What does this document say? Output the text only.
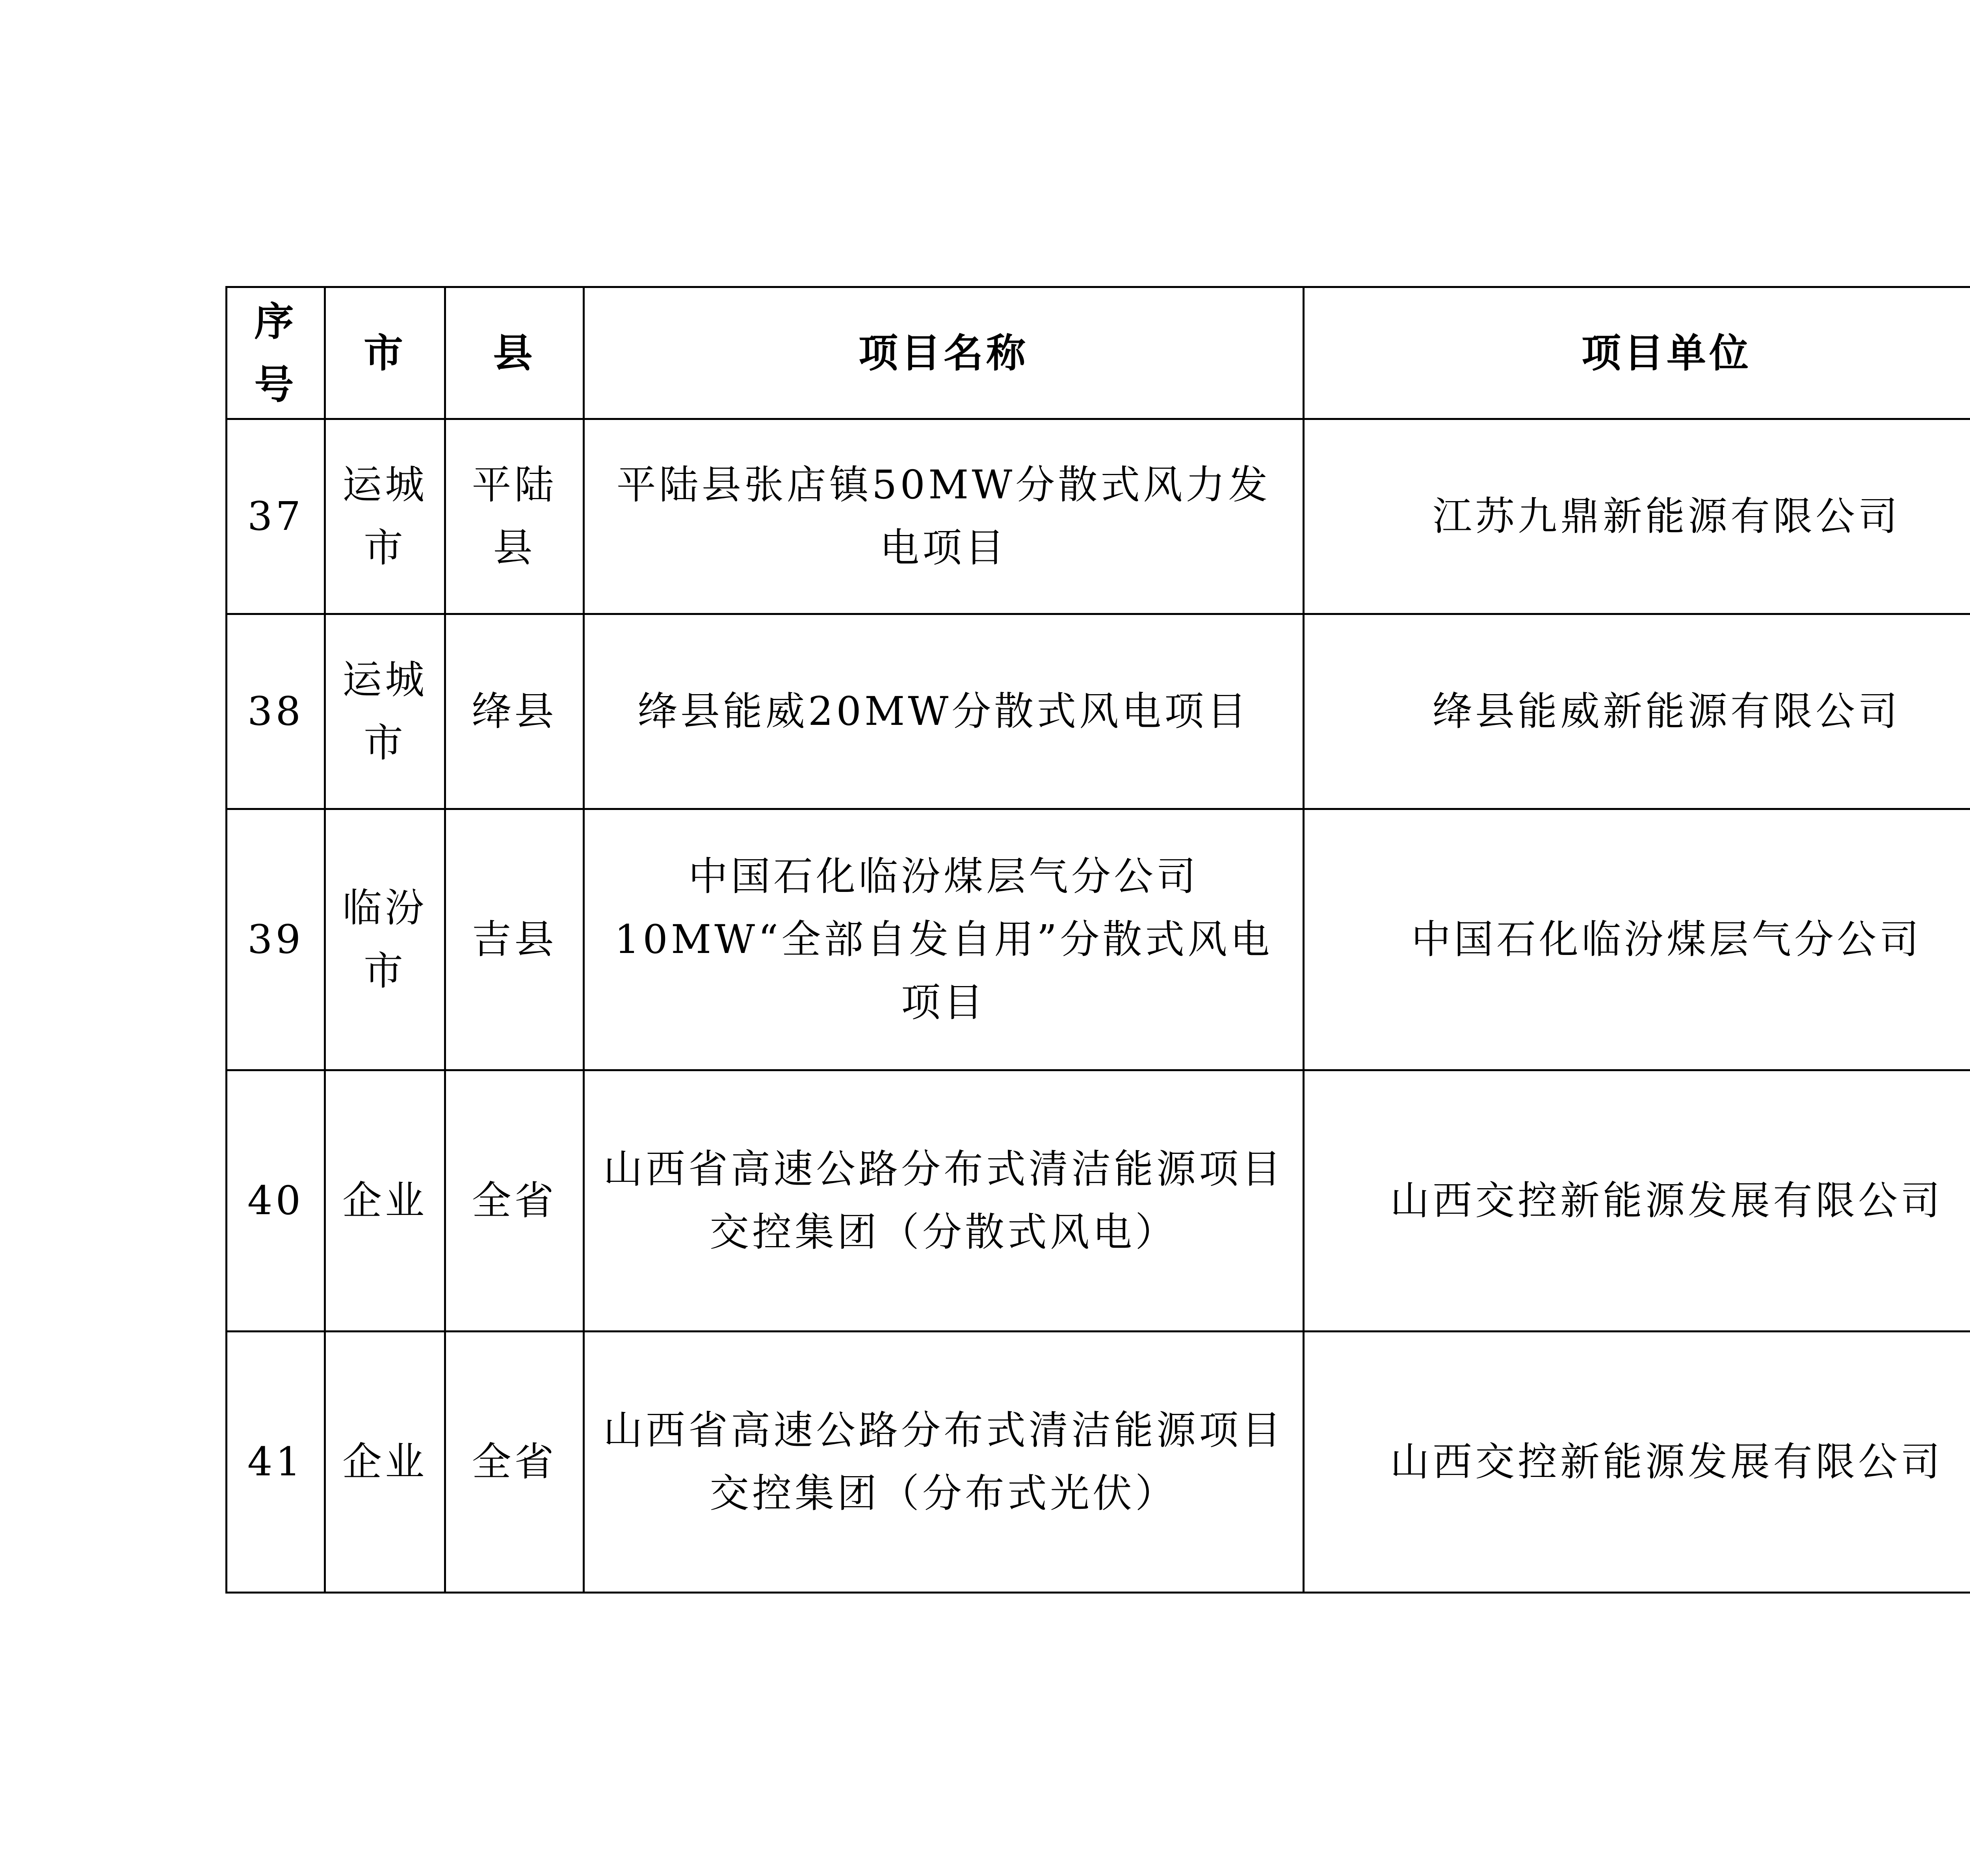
序号	市	县	项目名称	项目单位		
37	运城市	平陆县	平陆县张店镇50MW分散式风力发电项目	江苏九鼎新能源有限公司		
38	运城市	绛县	绛县能威20MW分散式风电项目	绛县能威新能源有限公司		
39	临汾市	吉县	中国石化临汾煤层气分公司10MW“全部自发自用”分散式风电项目	中国石化临汾煤层气分公司		
40	企业	全省	山西省高速公路分布式清洁能源项目交控集团（分散式风电）	山西交控新能源发展有限公司		
41	企业	全省	山西省高速公路分布式清洁能源项目交控集团（分布式光伏）	山西交控新能源发展有限公司		
